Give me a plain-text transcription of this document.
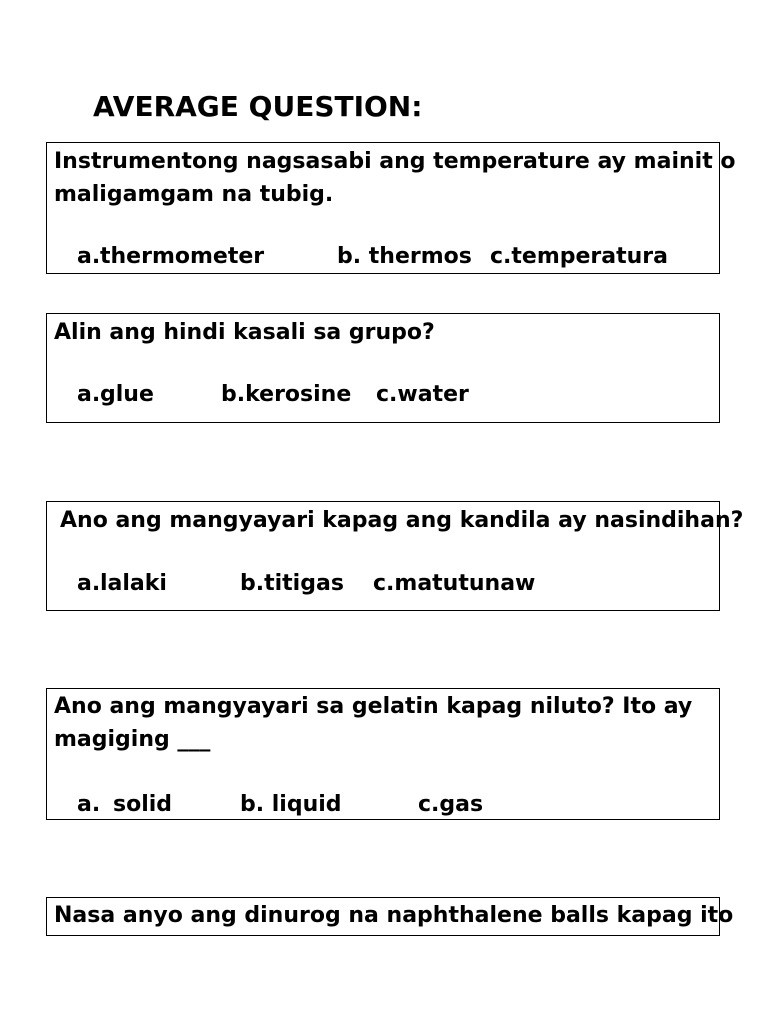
AVERAGE QUESTION:
Instrumentong nagsasabi ang temperature ay mainit o
maligamgam na tubig.
a. thermometer	b. thermos c.temperatura
Alin ang hindi kasali sa grupo?
a. glue	b.kerosine c.water
Ano ang mangyayari kapag ang kandila ay nasindihan?
a. lalaki	b.titigas c.matutunaw
Ano ang mangyayari sa gelatin kapag niluto? Ito ay
magiging ___
a. solid	b. liquid	c.gas
Nasa anyo ang dinurog na naphthalene balls kapag ito
